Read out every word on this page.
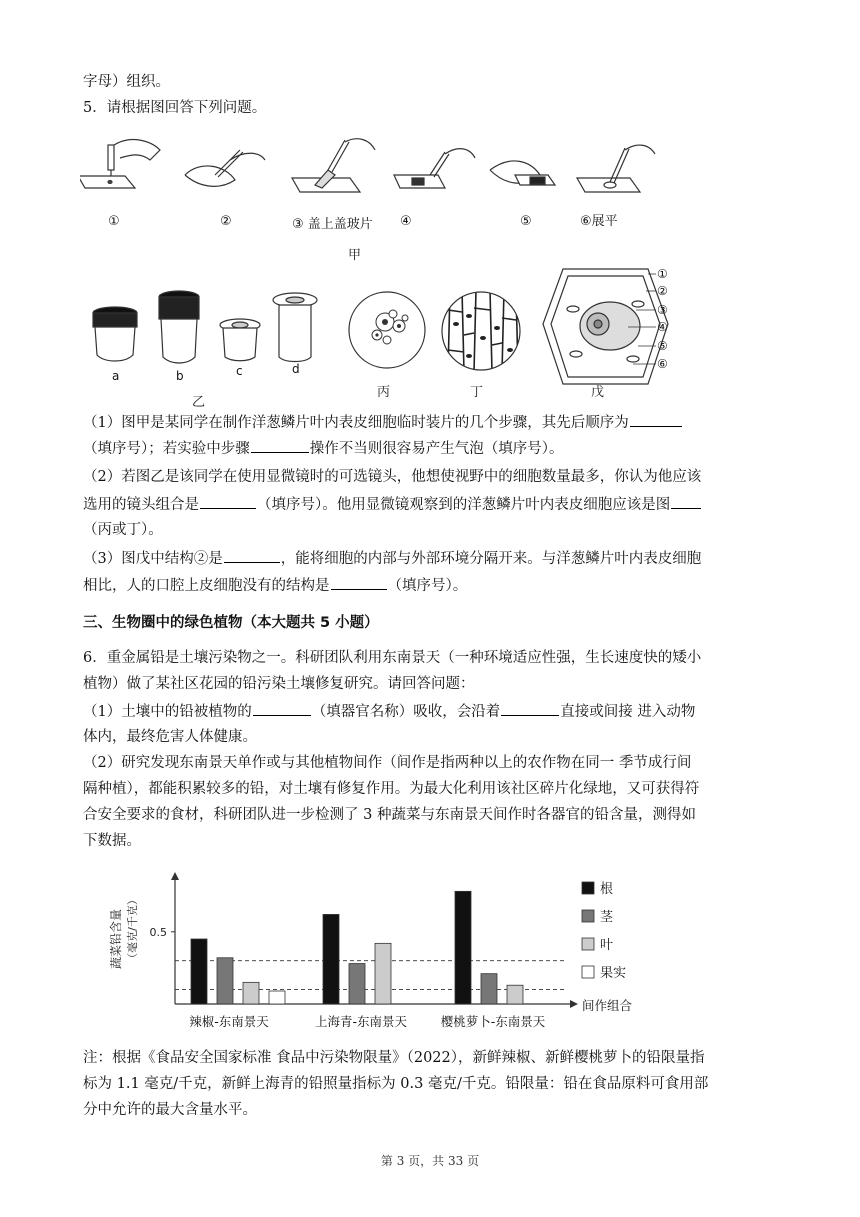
字母）组织。
5．请根据图回答下列问题。
①	②	③ 盖上盖玻片 ④	⑤	⑥展平
甲
a	b	c	d
乙
丙	丁
①
②
③
④
⑤
⑥
戊
（1）图甲是某同学在制作洋葱鳞片叶内表皮细胞临时装片的几个步骤，其先后顺序为
（填序号）；若实验中步骤	操作不当则很容易产生气泡（填序号）。
（2）若图乙是该同学在使用显微镜时的可选镜头，他想使视野中的细胞数量最多，你认为他应该
选用的镜头组合是	（填序号）。他用显微镜观察到的洋葱鳞片叶内表皮细胞应该是图
（丙或丁）。
（3）图戊中结构②是	，能将细胞的内部与外部环境分隔开来。与洋葱鳞片叶内表皮细胞
相比，人的口腔上皮细胞没有的结构是	（填序号）。
三、生物圈中的绿色植物（本大题共 5 小题）
6．重金属铅是土壤污染物之一。科研团队利用东南景天（一种环境适应性强，生长速度快的矮小
植物）做了某社区花园的铅污染土壤修复研究。请回答问题：
（1）土壤中的铅被植物的	（填器官名称）吸收，会沿着	直接或间接 进入动物
体内，最终危害人体健康。
（2）研究发现东南景天单作或与其他植物间作（间作是指两种以上的农作物在同一 季节成行间
隔种植），都能积累较多的铅，对土壤有修复作用。为最大化利用该社区碎片化绿地，又可获得符
合安全要求的食材，科研团队进一步检测了 3 种蔬菜与东南景天间作时各器官的铅含量，测得如
下数据。
0.5
蔬菜铅含量 （毫克/千克）
辣椒-东南景天	上海青-东南景天	樱桃萝卜-东南景天
间作组合
根
茎
叶
果实
注：根据《食品安全国家标准 食品中污染物限量》（2022），新鲜辣椒、新鲜樱桃萝卜的铅限量指
标为 1.1 毫克/千克，新鲜上海青的铅照量指标为 0.3 毫克/千克。铅限量：铅在食品原料可食用部
分中允许的最大含量水平。
第 3 页，共 33 页
